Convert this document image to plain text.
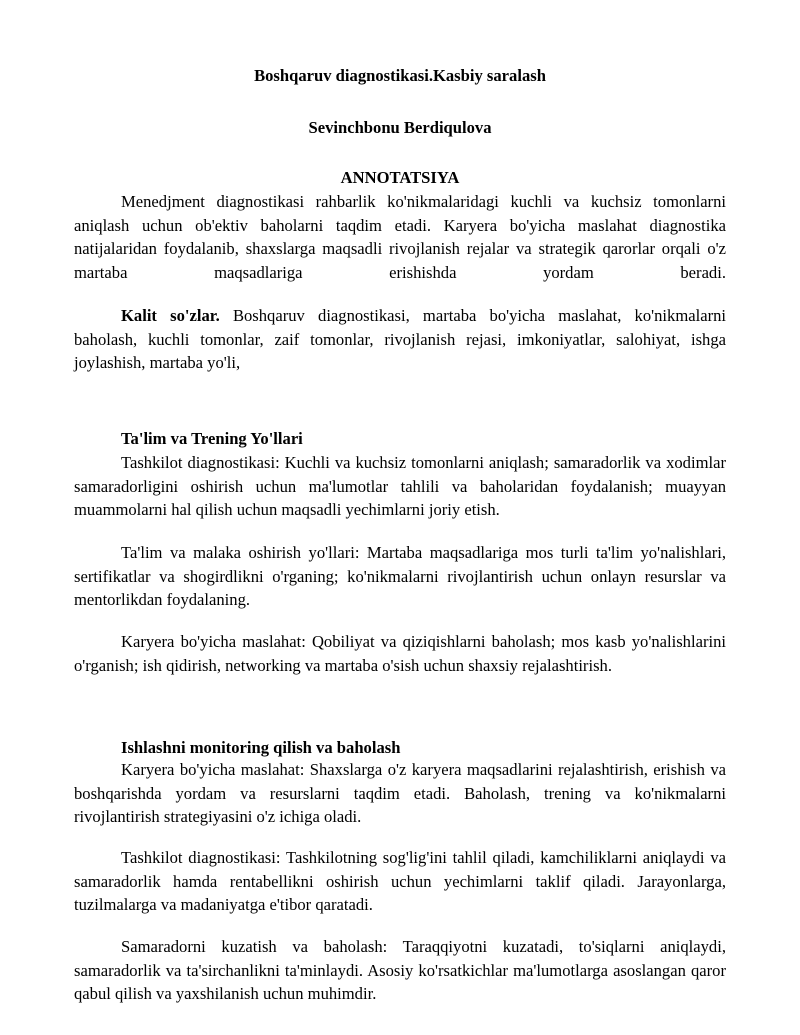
Boshqaruv diagnostikasi.Kasbiy saralash

Sevinchbonu Berdiqulova

ANNOTATSIYA

Menedjment diagnostikasi rahbarlik ko'nikmalaridagi kuchli va kuchsiz tomonlarni aniqlash uchun ob'ektiv baholarni taqdim etadi. Karyera bo'yicha maslahat diagnostika natijalaridan foydalanib, shaxslarga maqsadli rivojlanish rejalar va strategik qarorlar orqali o'z martaba maqsadlariga erishishda yordam beradi.

Kalit so'zlar. Boshqaruv diagnostikasi, martaba bo'yicha maslahat, ko'nikmalarni baholash, kuchli tomonlar, zaif tomonlar, rivojlanish rejasi, imkoniyatlar, salohiyat, ishga joylashish, martaba yo'li,

Ta'lim va Trening Yo'llari

Tashkilot diagnostikasi: Kuchli va kuchsiz tomonlarni aniqlash; samaradorlik va xodimlar samaradorligini oshirish uchun ma'lumotlar tahlili va baholaridan foydalanish; muayyan muammolarni hal qilish uchun maqsadli yechimlarni joriy etish.

Ta'lim va malaka oshirish yo'llari: Martaba maqsadlariga mos turli ta'lim yo'nalishlari, sertifikatlar va shogirdlikni o'rganing; ko'nikmalarni rivojlantirish uchun onlayn resurslar va mentorlikdan foydalaning.

Karyera bo'yicha maslahat: Qobiliyat va qiziqishlarni baholash; mos kasb yo'nalishlarini o'rganish; ish qidirish, networking va martaba o'sish uchun shaxsiy rejalashtirish.

Ishlashni monitoring qilish va baholash

Karyera bo'yicha maslahat: Shaxslarga o'z karyera maqsadlarini rejalashtirish, erishish va boshqarishda yordam va resurslarni taqdim etadi. Baholash, trening va ko'nikmalarni rivojlantirish strategiyasini o'z ichiga oladi.

Tashkilot diagnostikasi: Tashkilotning sog'lig'ini tahlil qiladi, kamchiliklarni aniqlaydi va samaradorlik hamda rentabellikni oshirish uchun yechimlarni taklif qiladi. Jarayonlarga, tuzilmalarga va madaniyatga e'tibor qaratadi.

Samaradorni kuzatish va baholash: Taraqqiyotni kuzatadi, to'siqlarni aniqlaydi, samaradorlik va ta'sirchanlikni ta'minlaydi. Asosiy ko'rsatkichlar ma'lumotlarga asoslangan qaror qabul qilish va yaxshilanish uchun muhimdir.
